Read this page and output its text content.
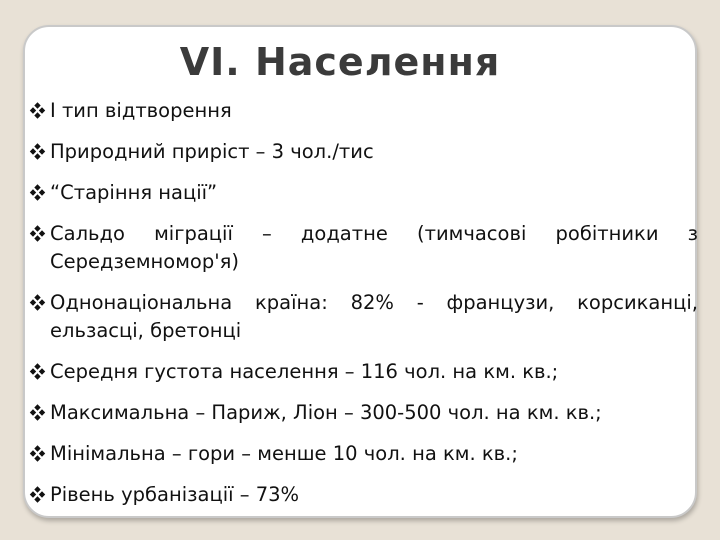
VI. Населення
І тип відтворення
Природний приріст – 3 чол./тис
“Старіння нації”
Сальдо міграції – додатне (тимчасові робітники з Середземномор'я)
Однонаціональна країна: 82% - французи, корсиканці, ельзасці, бретонці
Середня густота населення – 116 чол. на км. кв.;
Максимальна – Париж, Ліон – 300-500 чол. на км. кв.;
Мінімальна – гори – менше 10 чол. на км. кв.;
Рівень урбанізації – 73%
